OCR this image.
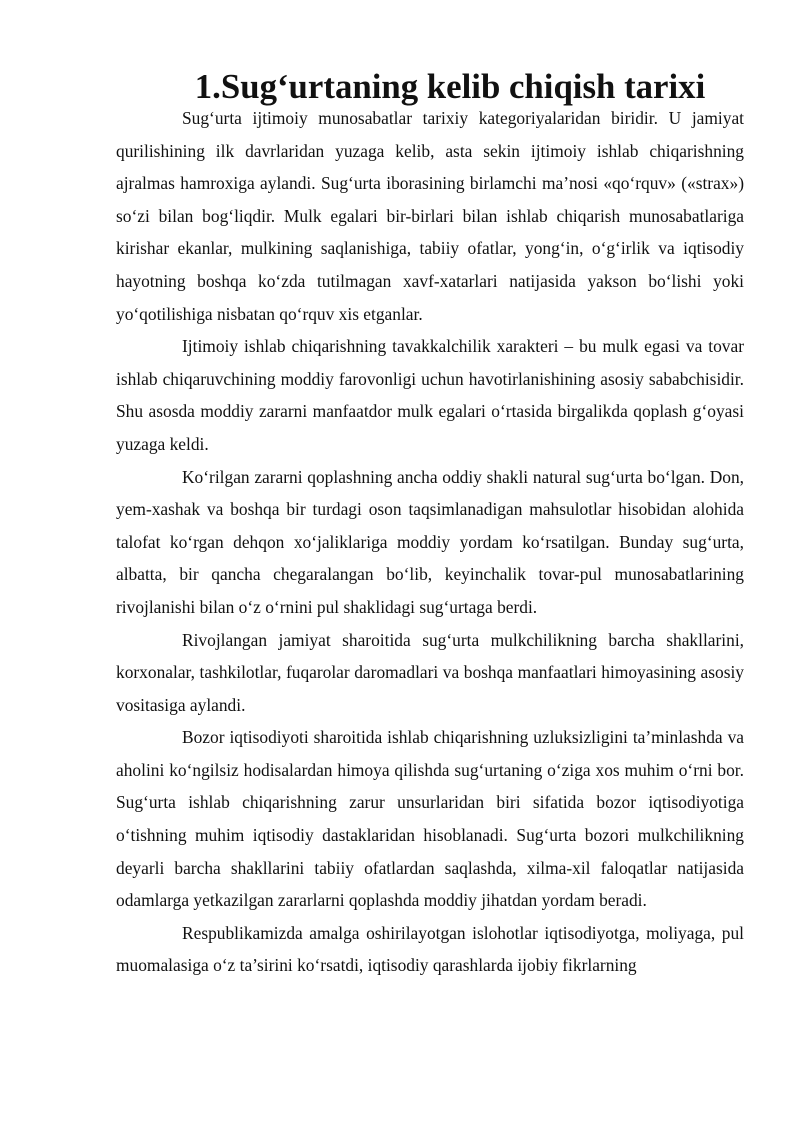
1.Sug‘urtaning kelib chiqish tarixi

Sug‘urta ijtimoiy munosabatlar tarixiy kategoriyalaridan biridir. U jamiyat qurilishining ilk davrlaridan yuzaga kelib, asta sekin ijtimoiy ishlab chiqarishning ajralmas hamroxiga aylandi. Sug‘urta iborasining birlamchi ma’nosi «qo‘rquv» («strax») so‘zi bilan bog‘liqdir. Mulk egalari bir-birlari bilan ishlab chiqarish munosabatlariga kirishar ekanlar, mulkining saqlanishiga, tabiiy ofatlar, yong‘in, o‘g‘irlik va iqtisodiy hayotning boshqa ko‘zda tutilmagan xavf-xatarlari natijasida yakson bo‘lishi yoki yo‘qotilishiga nisbatan qo‘rquv xis etganlar.

Ijtimoiy ishlab chiqarishning tavakkalchilik xarakteri – bu mulk egasi va tovar ishlab chiqaruvchining moddiy farovonligi uchun havotirlanishining asosiy sababchisidir. Shu asosda moddiy zararni manfaatdor mulk egalari o‘rtasida birgalikda qoplash g‘oyasi yuzaga keldi.

Ko‘rilgan zararni qoplashning ancha oddiy shakli natural sug‘urta bo‘lgan. Don, yem-xashak va boshqa bir turdagi oson taqsimlanadigan mahsulotlar hisobidan alohida talofat ko‘rgan dehqon xo‘jaliklariga moddiy yordam ko‘rsatilgan. Bunday sug‘urta, albatta, bir qancha chegaralangan bo‘lib, keyinchalik tovar-pul munosabatlarining rivojlanishi bilan o‘z o‘rnini pul shaklidagi sug‘urtaga berdi.

Rivojlangan jamiyat sharoitida sug‘urta mulkchilikning barcha shakllarini, korxonalar, tashkilotlar, fuqarolar daromadlari va boshqa manfaatlari himoyasining asosiy vositasiga aylandi.

Bozor iqtisodiyoti sharoitida ishlab chiqarishning uzluksizligini ta’minlashda va aholini ko‘ngilsiz hodisalardan himoya qilishda sug‘urtaning o‘ziga xos muhim o‘rni bor. Sug‘urta ishlab chiqarishning zarur unsurlaridan biri sifatida bozor iqtisodiyotiga o‘tishning muhim iqtisodiy dastaklaridan hisoblanadi. Sug‘urta bozori mulkchilikning deyarli barcha shakllarini tabiiy ofatlardan saqlashda, xilma-xil faloqatlar natijasida odamlarga yetkazilgan zararlarni qoplashda moddiy jihatdan yordam beradi.

Respublikamizda amalga oshirilayotgan islohotlar iqtisodiyotga, moliyaga, pul muomalasiga o‘z ta’sirini ko‘rsatdi, iqtisodiy qarashlarda ijobiy fikrlarning
